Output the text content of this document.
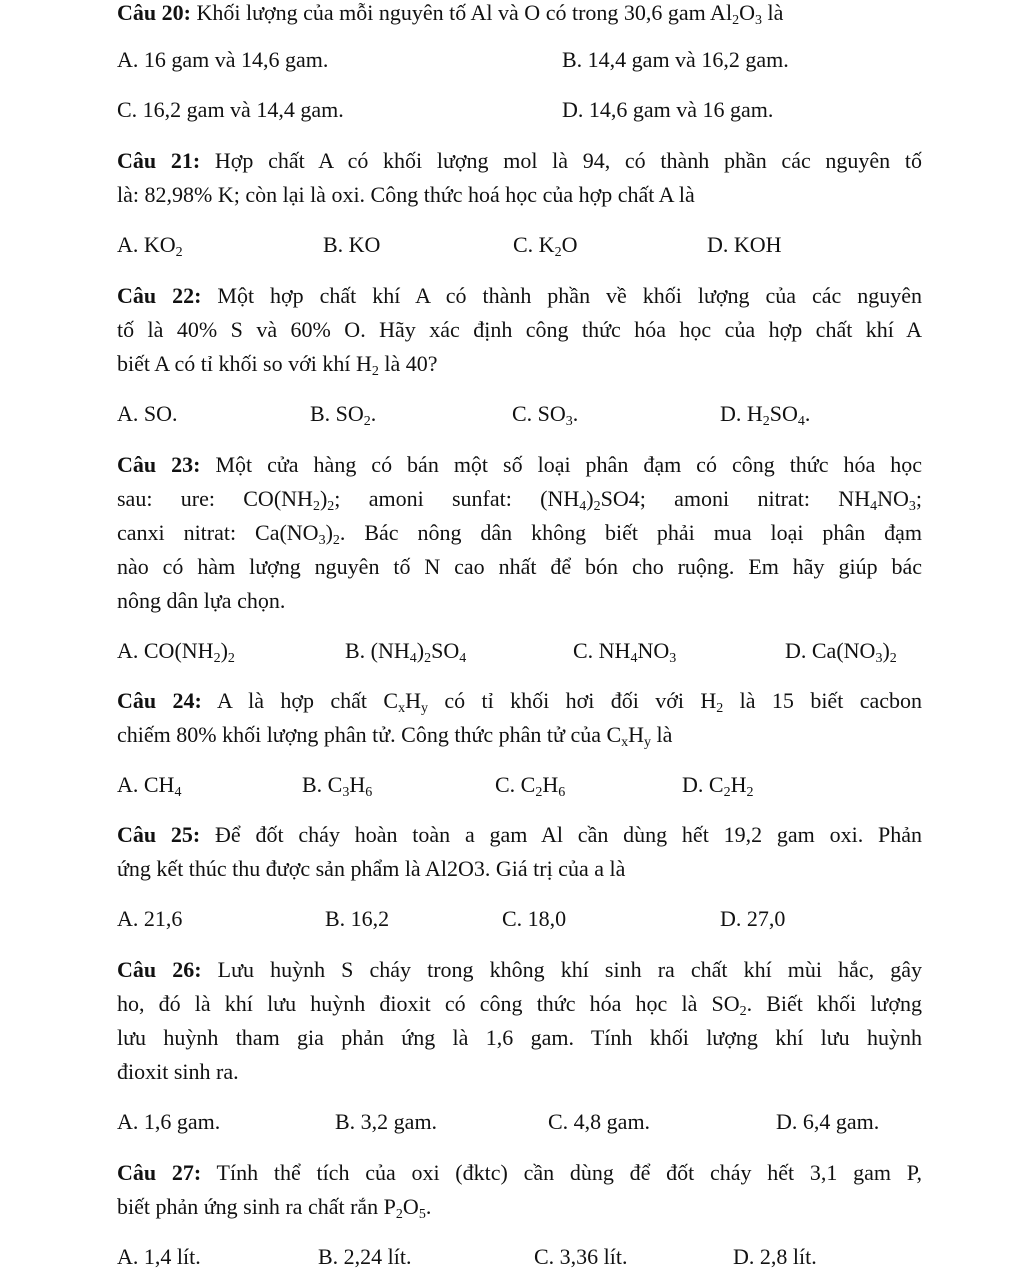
Câu 20: Khối lượng của mỗi nguyên tố Al và O có trong 30,6 gam $Al_2O_3$ là
A. 16 gam và 14,6 gam.	B. 14,4 gam và 16,2 gam.
C. 16,2 gam và 14,4 gam.	D. 14,6 gam và 16 gam.
Câu 21: Hợp chất A có khối lượng mol là 94, có thành phần các nguyên tố
là: 82,98% K; còn lại là oxi. Công thức hoá học của hợp chất A là
A. $KO_2$	B. KO	C. $K_2O$	D. KOH
Câu 22: Một hợp chất khí A có thành phần về khối lượng của các nguyên
tố là 40% S và 60% O. Hãy xác định công thức hóa học của hợp chất khí A
biết A có tỉ khối so với khí $H_2$ là 40?
A. SO.	B. $SO_2$.	C. $SO_3$.	D. $H_2SO_4$.
Câu 23: Một cửa hàng có bán một số loại phân đạm có công thức hóa học
sau: ure: $CO(NH_2)_2$; amoni sunfat: $(NH_4)_2SO4$; amoni nitrat: $NH_4NO_3$;
canxi nitrat: $Ca(NO_3)_2$. Bác nông dân không biết phải mua loại phân đạm
nào có hàm lượng nguyên tố N cao nhất để bón cho ruộng. Em hãy giúp bác
nông dân lựa chọn.
A. $CO(NH_2)_2$	B. $(NH_4)_2SO_4$	C. $NH_4NO_3$	D. $Ca(NO_3)_2$
Câu 24: A là hợp chất $C_xH_y$ có tỉ khối hơi đối với $H_2$ là 15 biết cacbon
chiếm 80% khối lượng phân tử. Công thức phân tử của $C_xH_y$ là
A. $CH_4$	B. $C_3H_6$	C. $C_2H_6$	D. $C_2H_2$
Câu 25: Để đốt cháy hoàn toàn a gam Al cần dùng hết 19,2 gam oxi. Phản
ứng kết thúc thu được sản phẩm là Al2O3. Giá trị của a là
A. 21,6	B. 16,2	C. 18,0	D. 27,0
Câu 26: Lưu huỳnh S cháy trong không khí sinh ra chất khí mùi hắc, gây
ho, đó là khí lưu huỳnh đioxit có công thức hóa học là $SO_2$. Biết khối lượng
lưu huỳnh tham gia phản ứng là 1,6 gam. Tính khối lượng khí lưu huỳnh
đioxit sinh ra.
A. 1,6 gam.	B. 3,2 gam.	C. 4,8 gam.	D. 6,4 gam.
Câu 27: Tính thể tích của oxi (đktc) cần dùng để đốt cháy hết 3,1 gam P,
biết phản ứng sinh ra chất rắn $P_2O_5$.
A. 1,4 lít.	B. 2,24 lít.	C. 3,36 lít.	D. 2,8 lít.
